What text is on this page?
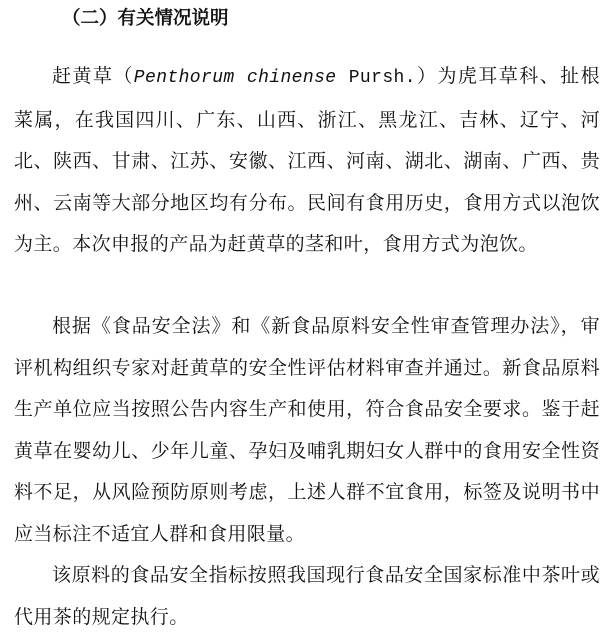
（二）有关情况说明

赶黄草（Penthorum chinense Pursh.）为虎耳草科、扯根菜属，在我国四川、广东、山西、浙江、黑龙江、吉林、辽宁、河北、陕西、甘肃、江苏、安徽、江西、河南、湖北、湖南、广西、贵州、云南等大部分地区均有分布。民间有食用历史，食用方式以泡饮为主。本次申报的产品为赶黄草的茎和叶，食用方式为泡饮。

根据《食品安全法》和《新食品原料安全性审查管理办法》，审评机构组织专家对赶黄草的安全性评估材料审查并通过。新食品原料生产单位应当按照公告内容生产和使用，符合食品安全要求。鉴于赶黄草在婴幼儿、少年儿童、孕妇及哺乳期妇女人群中的食用安全性资料不足，从风险预防原则考虑，上述人群不宜食用，标签及说明书中应当标注不适宜人群和食用限量。

该原料的食品安全指标按照我国现行食品安全国家标准中茶叶或代用茶的规定执行。
